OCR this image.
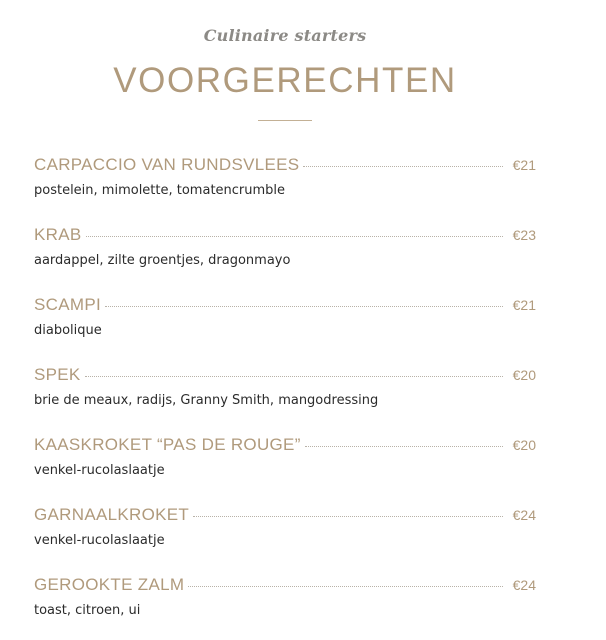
Culinaire starters
VOORGERECHTEN
CARPACCIO VAN RUNDSVLEES	€21
postelein, mimolette, tomatencrumble
KRAB	€23
aardappel, zilte groentjes, dragonmayo
SCAMPI	€21
diabolique
SPEK	€20
brie de meaux, radijs, Granny Smith, mangodressing
KAASKROKET “PAS DE ROUGE”	€20
venkel-rucolaslaatje
GARNAALKROKET	€24
venkel-rucolaslaatje
GEROOKTE ZALM	€24
toast, citroen, ui
